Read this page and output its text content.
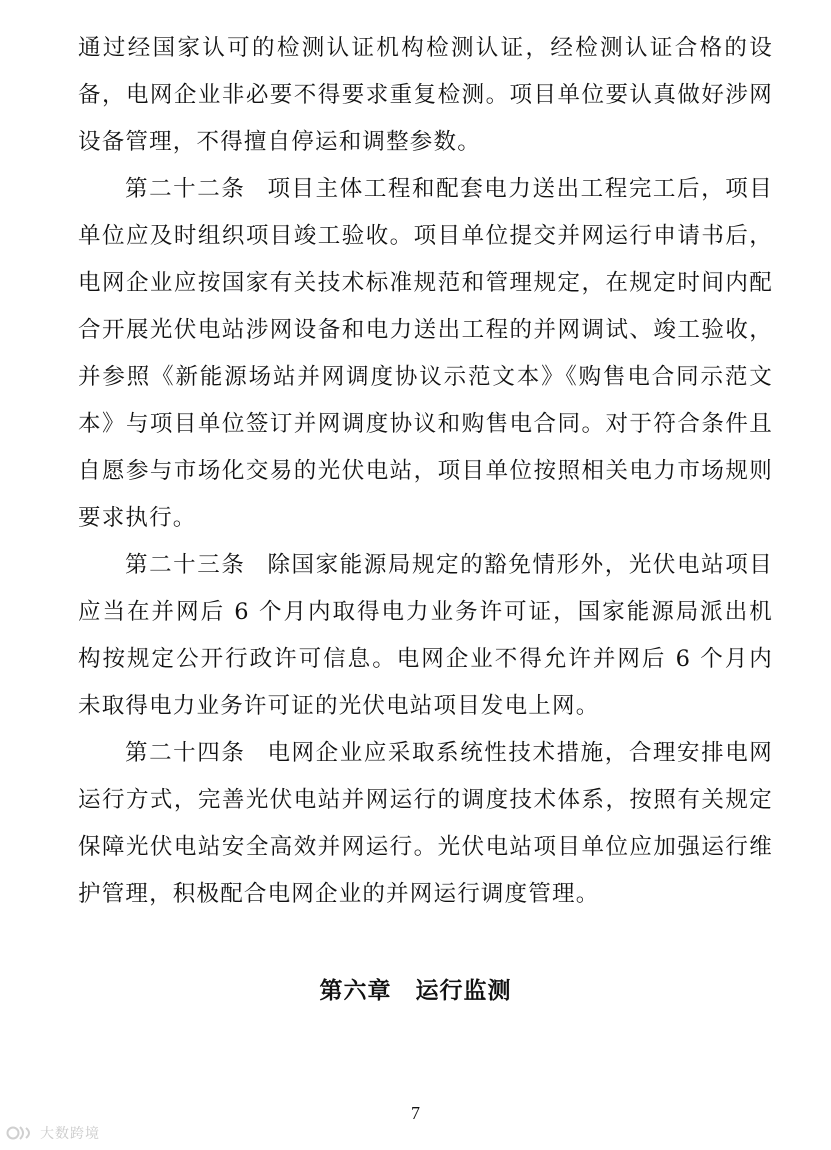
通过经国家认可的检测认证机构检测认证，经检测认证合格的设备，电网企业非必要不得要求重复检测。项目单位要认真做好涉网设备管理，不得擅自停运和调整参数。

第二十二条 项目主体工程和配套电力送出工程完工后，项目单位应及时组织项目竣工验收。项目单位提交并网运行申请书后，电网企业应按国家有关技术标准规范和管理规定，在规定时间内配合开展光伏电站涉网设备和电力送出工程的并网调试、竣工验收，并参照《新能源场站并网调度协议示范文本》《购售电合同示范文本》与项目单位签订并网调度协议和购售电合同。对于符合条件且自愿参与市场化交易的光伏电站，项目单位按照相关电力市场规则要求执行。

第二十三条 除国家能源局规定的豁免情形外，光伏电站项目应当在并网后 6 个月内取得电力业务许可证，国家能源局派出机构按规定公开行政许可信息。电网企业不得允许并网后 6 个月内未取得电力业务许可证的光伏电站项目发电上网。

第二十四条 电网企业应采取系统性技术措施，合理安排电网运行方式，完善光伏电站并网运行的调度技术体系，按照有关规定保障光伏电站安全高效并网运行。光伏电站项目单位应加强运行维护管理，积极配合电网企业的并网运行调度管理。

第六章　运行监测
7
大数跨境
